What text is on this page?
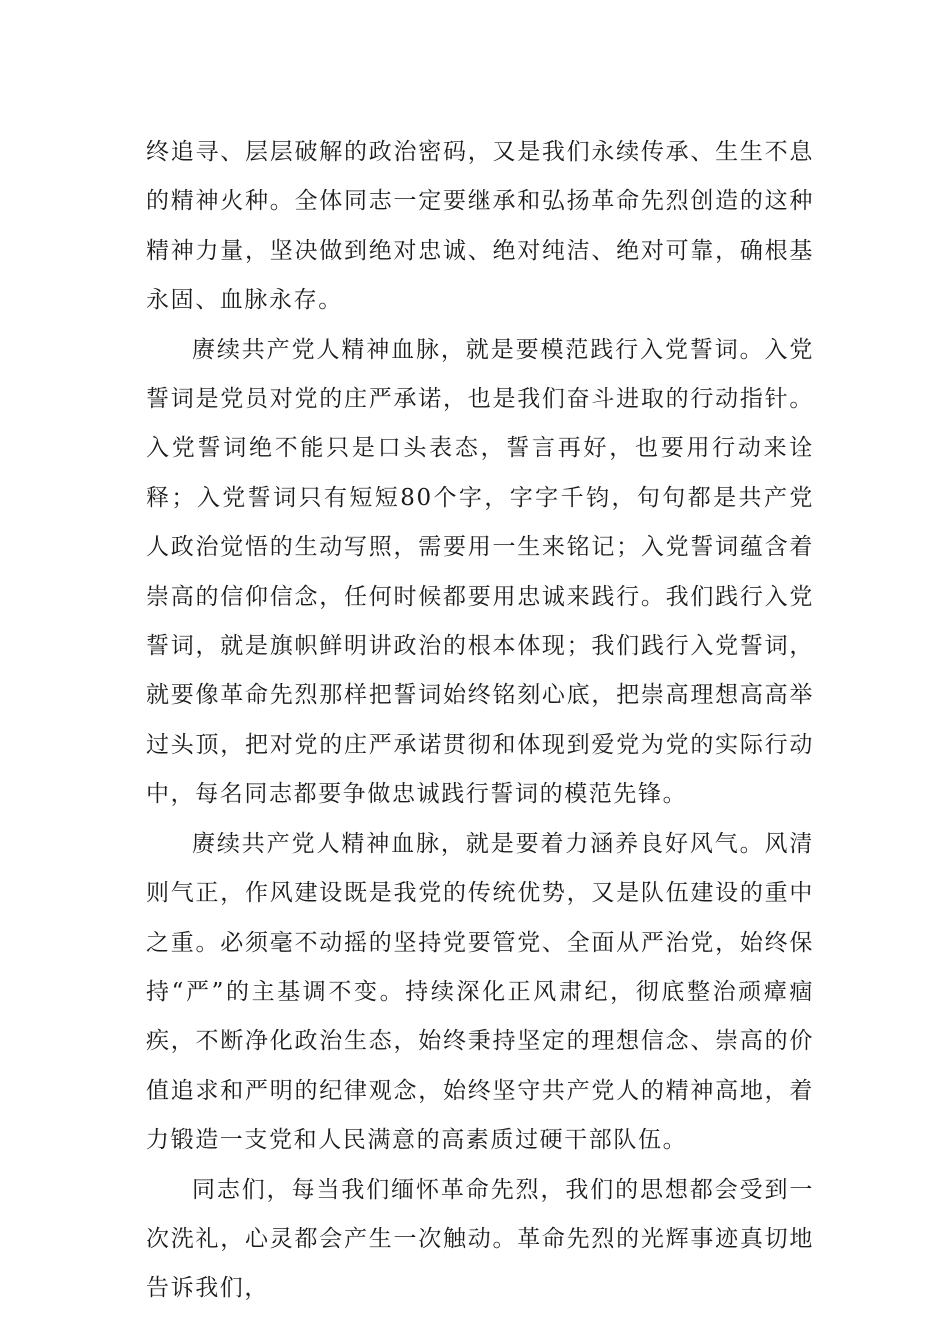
终追寻、层层破解的政治密码，又是我们永续传承、生生不息的精神火种。全体同志一定要继承和弘扬革命先烈创造的这种精神力量，坚决做到绝对忠诚、绝对纯洁、绝对可靠，确根基永固、血脉永存。

赓续共产党人精神血脉，就是要模范践行入党誓词。入党誓词是党员对党的庄严承诺，也是我们奋斗进取的行动指针。入党誓词绝不能只是口头表态，誓言再好，也要用行动来诠释；入党誓词只有短短80个字，字字千钧，句句都是共产党人政治觉悟的生动写照，需要用一生来铭记；入党誓词蕴含着崇高的信仰信念，任何时候都要用忠诚来践行。我们践行入党誓词，就是旗帜鲜明讲政治的根本体现；我们践行入党誓词，就要像革命先烈那样把誓词始终铭刻心底，把崇高理想高高举过头顶，把对党的庄严承诺贯彻和体现到爱党为党的实际行动中，每名同志都要争做忠诚践行誓词的模范先锋。

赓续共产党人精神血脉，就是要着力涵养良好风气。风清则气正，作风建设既是我党的传统优势，又是队伍建设的重中之重。必须毫不动摇的坚持党要管党、全面从严治党，始终保持“严”的主基调不变。持续深化正风肃纪，彻底整治顽瘴痼疾，不断净化政治生态，始终秉持坚定的理想信念、崇高的价值追求和严明的纪律观念，始终坚守共产党人的精神高地，着力锻造一支党和人民满意的高素质过硬干部队伍。

同志们，每当我们缅怀革命先烈，我们的思想都会受到一次洗礼，心灵都会产生一次触动。革命先烈的光辉事迹真切地告诉我们，
